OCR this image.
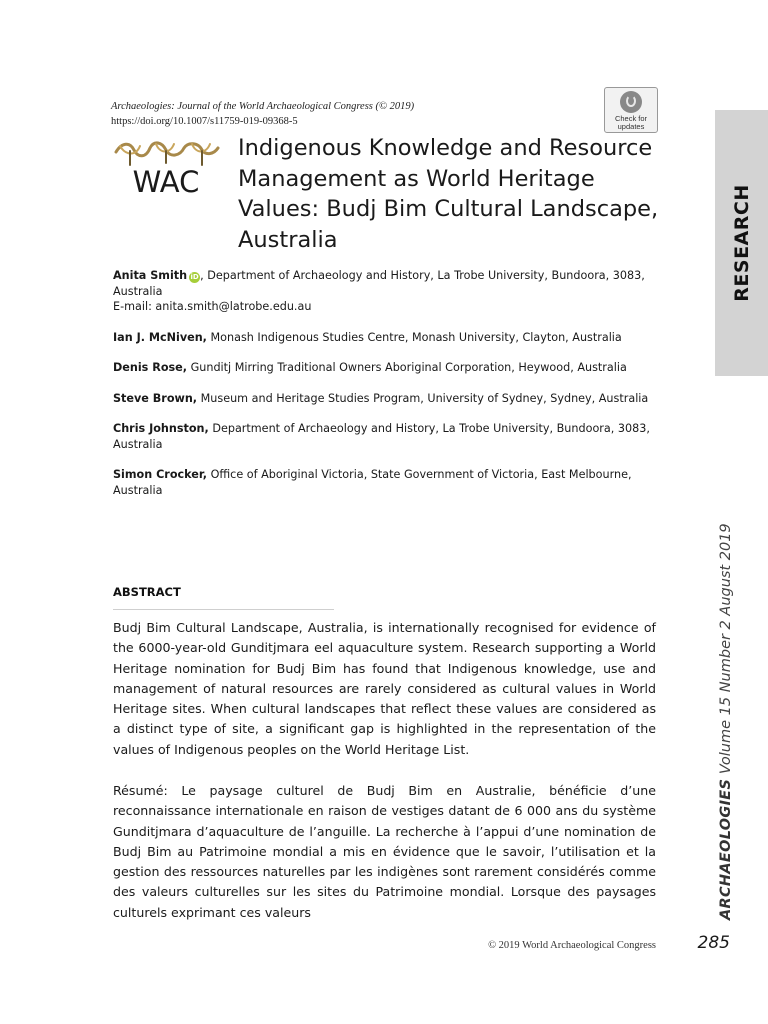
Archaeologies: Journal of the World Archaeological Congress (© 2019)
https://doi.org/10.1007/s11759-019-09368-5	Check for updates
WAC
Indigenous Knowledge and Resource Management as World Heritage Values: Budj Bim Cultural Landscape, Australia	RESEARCH
Anita Smith iD, Department of Archaeology and History, La Trobe University, Bundoora, 3083, Australia
E-mail: anita.smith@latrobe.edu.au
Ian J. McNiven, Monash Indigenous Studies Centre, Monash University, Clayton, Australia
Denis Rose, Gunditj Mirring Traditional Owners Aboriginal Corporation, Heywood, Australia
Steve Brown, Museum and Heritage Studies Program, University of Sydney, Sydney, Australia
Chris Johnston, Department of Archaeology and History, La Trobe University, Bundoora, 3083, Australia
Simon Crocker, Office of Aboriginal Victoria, State Government of Victoria, East Melbourne, Australia
ABSTRACT

Budj Bim Cultural Landscape, Australia, is internationally recognised for evidence of the 6000-year-old Gunditjmara eel aquaculture system. Research supporting a World Heritage nomination for Budj Bim has found that Indigenous knowledge, use and management of natural resources are rarely considered as cultural values in World Heritage sites. When cultural landscapes that reflect these values are considered as a distinct type of site, a significant gap is highlighted in the representation of the values of Indigenous peoples on the World Heritage List.

Résumé: Le paysage culturel de Budj Bim en Australie, bénéficie d’une reconnaissance internationale en raison de vestiges datant de 6 000 ans du système Gunditjmara d’aquaculture de l’anguille. La recherche à l’appui d’une nomination de Budj Bim au Patrimoine mondial a mis en évidence que le savoir, l’utilisation et la gestion des ressources naturelles par les indigènes sont rarement considérés comme des valeurs culturelles sur les sites du Patrimoine mondial. Lorsque des paysages culturels exprimant ces valeurs

© 2019 World Archaeological Congress	285
ARCHAEOLOGIES Volume 15 Number 2 August 2019
